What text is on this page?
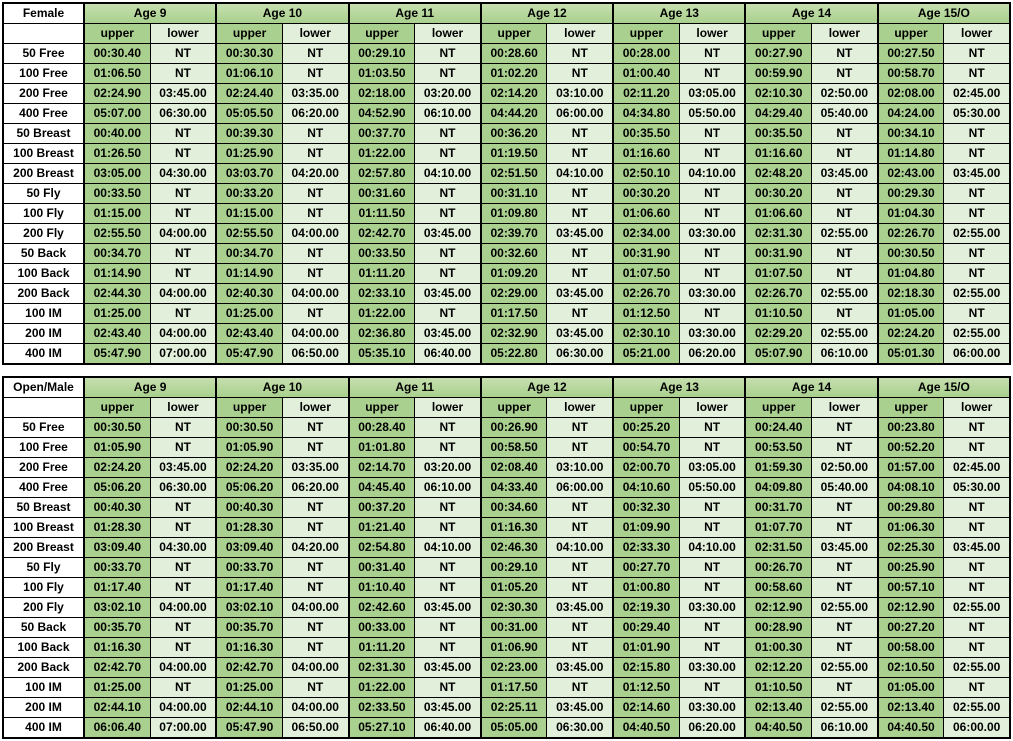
Female	Age 9		Age 10		Age 11		Age 12		Age 13		Age 14		Age 15/O	
	upper	lower	upper	lower	upper	lower	upper	lower	upper	lower	upper	lower	upper	lower
50 Free	00:30.40	NT	00:30.30	NT	00:29.10	NT	00:28.60	NT	00:28.00	NT	00:27.90	NT	00:27.50	NT
100 Free	01:06.50	NT	01:06.10	NT	01:03.50	NT	01:02.20	NT	01:00.40	NT	00:59.90	NT	00:58.70	NT
200 Free	02:24.90	03:45.00	02:24.40	03:35.00	02:18.00	03:20.00	02:14.20	03:10.00	02:11.20	03:05.00	02:10.30	02:50.00	02:08.00	02:45.00
400 Free	05:07.00	06:30.00	05:05.50	06:20.00	04:52.90	06:10.00	04:44.20	06:00.00	04:34.80	05:50.00	04:29.40	05:40.00	04:24.00	05:30.00
50 Breast	00:40.00	NT	00:39.30	NT	00:37.70	NT	00:36.20	NT	00:35.50	NT	00:35.50	NT	00:34.10	NT
100 Breast	01:26.50	NT	01:25.90	NT	01:22.00	NT	01:19.50	NT	01:16.60	NT	01:16.60	NT	01:14.80	NT
200 Breast	03:05.00	04:30.00	03:03.70	04:20.00	02:57.80	04:10.00	02:51.50	04:10.00	02:50.10	04:10.00	02:48.20	03:45.00	02:43.00	03:45.00
50 Fly	00:33.50	NT	00:33.20	NT	00:31.60	NT	00:31.10	NT	00:30.20	NT	00:30.20	NT	00:29.30	NT
100 Fly	01:15.00	NT	01:15.00	NT	01:11.50	NT	01:09.80	NT	01:06.60	NT	01:06.60	NT	01:04.30	NT
200 Fly	02:55.50	04:00.00	02:55.50	04:00.00	02:42.70	03:45.00	02:39.70	03:45.00	02:34.00	03:30.00	02:31.30	02:55.00	02:26.70	02:55.00
50 Back	00:34.70	NT	00:34.70	NT	00:33.50	NT	00:32.60	NT	00:31.90	NT	00:31.90	NT	00:30.50	NT
100 Back	01:14.90	NT	01:14.90	NT	01:11.20	NT	01:09.20	NT	01:07.50	NT	01:07.50	NT	01:04.80	NT
200 Back	02:44.30	04:00.00	02:40.30	04:00.00	02:33.10	03:45.00	02:29.00	03:45.00	02:26.70	03:30.00	02:26.70	02:55.00	02:18.30	02:55.00
100 IM	01:25.00	NT	01:25.00	NT	01:22.00	NT	01:17.50	NT	01:12.50	NT	01:10.50	NT	01:05.00	NT
200 IM	02:43.40	04:00.00	02:43.40	04:00.00	02:36.80	03:45.00	02:32.90	03:45.00	02:30.10	03:30.00	02:29.20	02:55.00	02:24.20	02:55.00
400 IM	05:47.90	07:00.00	05:47.90	06:50.00	05:35.10	06:40.00	05:22.80	06:30.00	05:21.00	06:20.00	05:07.90	06:10.00	05:01.30	06:00.00
Open/Male	Age 9		Age 10		Age 11		Age 12		Age 13		Age 14		Age 15/O	
	upper	lower	upper	lower	upper	lower	upper	lower	upper	lower	upper	lower	upper	lower
50 Free	00:30.50	NT	00:30.50	NT	00:28.40	NT	00:26.90	NT	00:25.20	NT	00:24.40	NT	00:23.80	NT
100 Free	01:05.90	NT	01:05.90	NT	01:01.80	NT	00:58.50	NT	00:54.70	NT	00:53.50	NT	00:52.20	NT
200 Free	02:24.20	03:45.00	02:24.20	03:35.00	02:14.70	03:20.00	02:08.40	03:10.00	02:00.70	03:05.00	01:59.30	02:50.00	01:57.00	02:45.00
400 Free	05:06.20	06:30.00	05:06.20	06:20.00	04:45.40	06:10.00	04:33.40	06:00.00	04:10.60	05:50.00	04:09.80	05:40.00	04:08.10	05:30.00
50 Breast	00:40.30	NT	00:40.30	NT	00:37.20	NT	00:34.60	NT	00:32.30	NT	00:31.70	NT	00:29.80	NT
100 Breast	01:28.30	NT	01:28.30	NT	01:21.40	NT	01:16.30	NT	01:09.90	NT	01:07.70	NT	01:06.30	NT
200 Breast	03:09.40	04:30.00	03:09.40	04:20.00	02:54.80	04:10.00	02:46.30	04:10.00	02:33.30	04:10.00	02:31.50	03:45.00	02:25.30	03:45.00
50 Fly	00:33.70	NT	00:33.70	NT	00:31.40	NT	00:29.10	NT	00:27.70	NT	00:26.70	NT	00:25.90	NT
100 Fly	01:17.40	NT	01:17.40	NT	01:10.40	NT	01:05.20	NT	01:00.80	NT	00:58.60	NT	00:57.10	NT
200 Fly	03:02.10	04:00.00	03:02.10	04:00.00	02:42.60	03:45.00	02:30.30	03:45.00	02:19.30	03:30.00	02:12.90	02:55.00	02:12.90	02:55.00
50 Back	00:35.70	NT	00:35.70	NT	00:33.00	NT	00:31.00	NT	00:29.40	NT	00:28.90	NT	00:27.20	NT
100 Back	01:16.30	NT	01:16.30	NT	01:11.20	NT	01:06.90	NT	01:01.90	NT	01:00.30	NT	00:58.00	NT
200 Back	02:42.70	04:00.00	02:42.70	04:00.00	02:31.30	03:45.00	02:23.00	03:45.00	02:15.80	03:30.00	02:12.20	02:55.00	02:10.50	02:55.00
100 IM	01:25.00	NT	01:25.00	NT	01:22.00	NT	01:17.50	NT	01:12.50	NT	01:10.50	NT	01:05.00	NT
200 IM	02:44.10	04:00.00	02:44.10	04:00.00	02:33.50	03:45.00	02:25.11	03:45.00	02:14.60	03:30.00	02:13.40	02:55.00	02:13.40	02:55.00
400 IM	06:06.40	07:00.00	05:47.90	06:50.00	05:27.10	06:40.00	05:05.00	06:30.00	04:40.50	06:20.00	04:40.50	06:10.00	04:40.50	06:00.00
